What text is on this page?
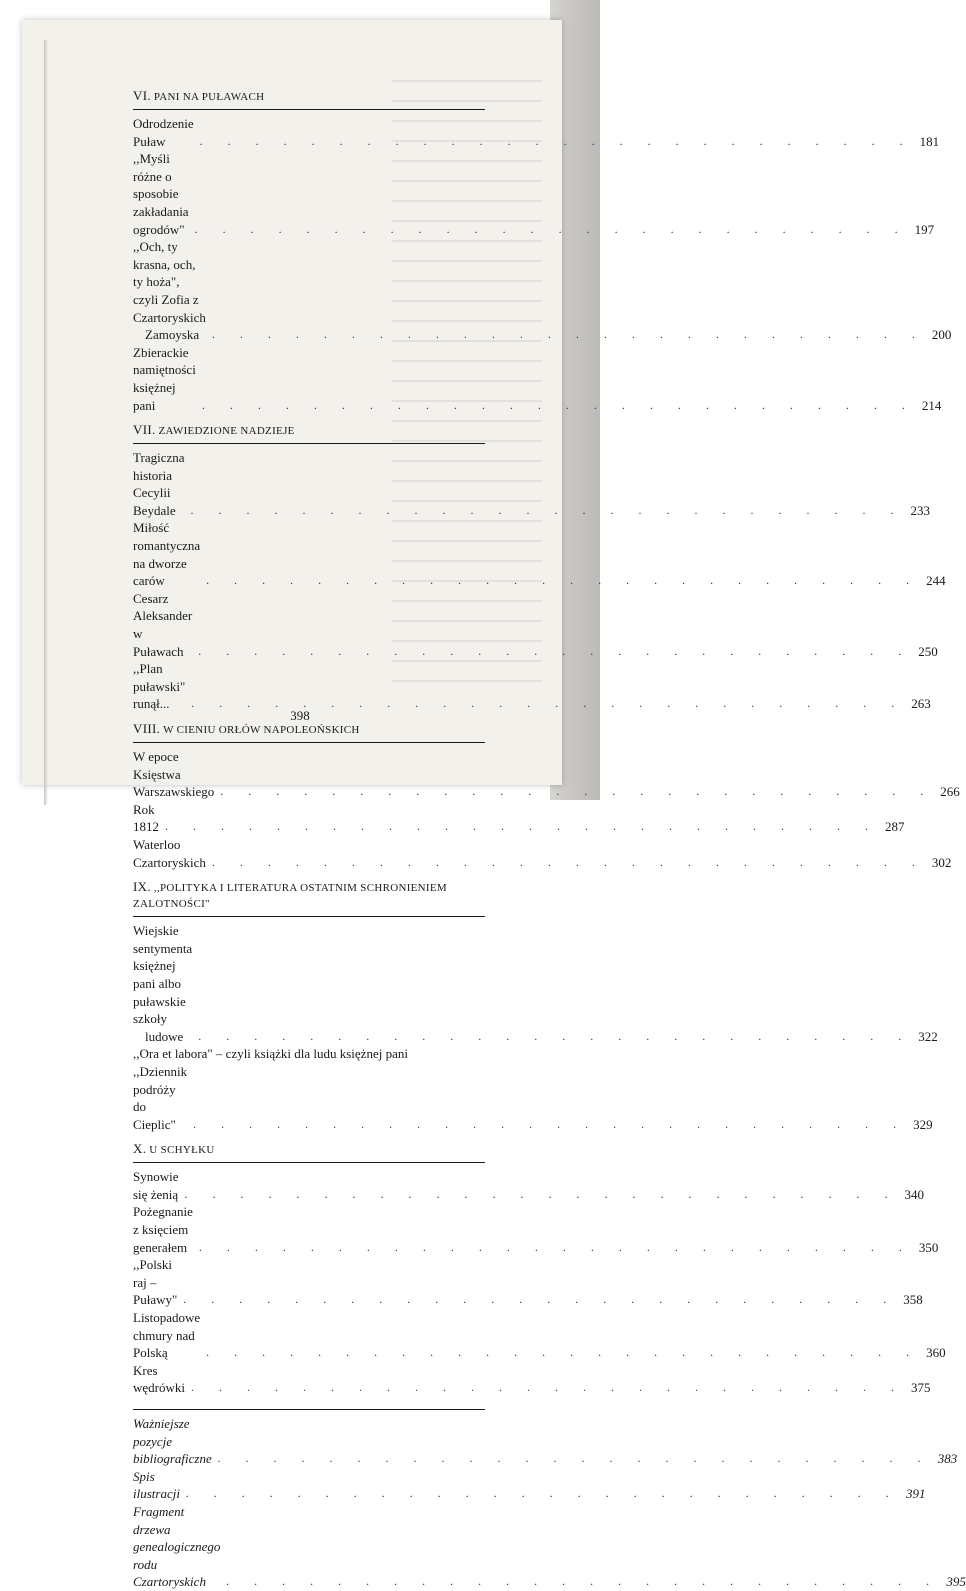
VI. PANI NA PUŁAWACH
Odrodzenie Puław	. . . . . . . . . . . . . . . . . . . . . . . . . . 181
,,Myśli różne o sposobie zakładania ogrodów" . . . . . . . . . . . . . . . . . . . . . . . . . . 197
,,Och, ty krasna, och, ty hoża", czyli Zofia z Czartoryskich
Zamoyska	. . . . . . . . . . . . . . . . . . . . . . . . . . 200
Zbierackie namiętności księżnej pani	. . . . . . . . . . . . . . . . . . . . . . . . . . 214
VII. ZAWIEDZIONE NADZIEJE
Tragiczna historia Cecylii Beydale	. . . . . . . . . . . . . . . . . . . . . . . . . . 233
Miłość romantyczna na dworze carów	. . . . . . . . . . . . . . . . . . . . . . . . . . 244
Cesarz Aleksander w Puławach	. . . . . . . . . . . . . . . . . . . . . . . . . . 250
,,Plan puławski" runął...	. . . . . . . . . . . . . . . . . . . . . . . . . . 263
VIII. W CIENIU ORŁÓW NAPOLEOŃSKICH
W epoce Księstwa Warszawskiego . . . . . . . . . . . . . . . . . . . . . . . . . . 266
Rok 1812 . . . . . . . . . . . . . . . . . . . . . . . . . . 287
Waterloo Czartoryskich . . . . . . . . . . . . . . . . . . . . . . . . . . 302
IX. ,,POLITYKA I LITERATURA OSTATNIM SCHRONIENIEM ZALOTNOŚCI"
Wiejskie sentymenta księżnej pani albo puławskie szkoły
ludowe	. . . . . . . . . . . . . . . . . . . . . . . . . . 322
,,Ora et labora" – czyli książki dla ludu księżnej pani
,,Dziennik podróży do Cieplic"	. . . . . . . . . . . . . . . . . . . . . . . . . . 329
X. U SCHYŁKU
Synowie się żenią . . . . . . . . . . . . . . . . . . . . . . . . . . 340
Pożegnanie z księciem generałem . . . . . . . . . . . . . . . . . . . . . . . . . . 350
,,Polski raj – Puławy" . . . . . . . . . . . . . . . . . . . . . . . . . . 358
Listopadowe chmury nad Polską	. . . . . . . . . . . . . . . . . . . . . . . . . . 360
Kres wędrówki . . . . . . . . . . . . . . . . . . . . . . . . . . 375
Ważniejsze pozycje bibliograficzne . . . . . . . . . . . . . . . . . . . . . . . . . . 383
Spis ilustracji . . . . . . . . . . . . . . . . . . . . . . . . . . 391
Fragment drzewa genealogicznego rodu Czartoryskich	. . . . . . . . . . . . . . . . . . . . . . . . . . 395
398
